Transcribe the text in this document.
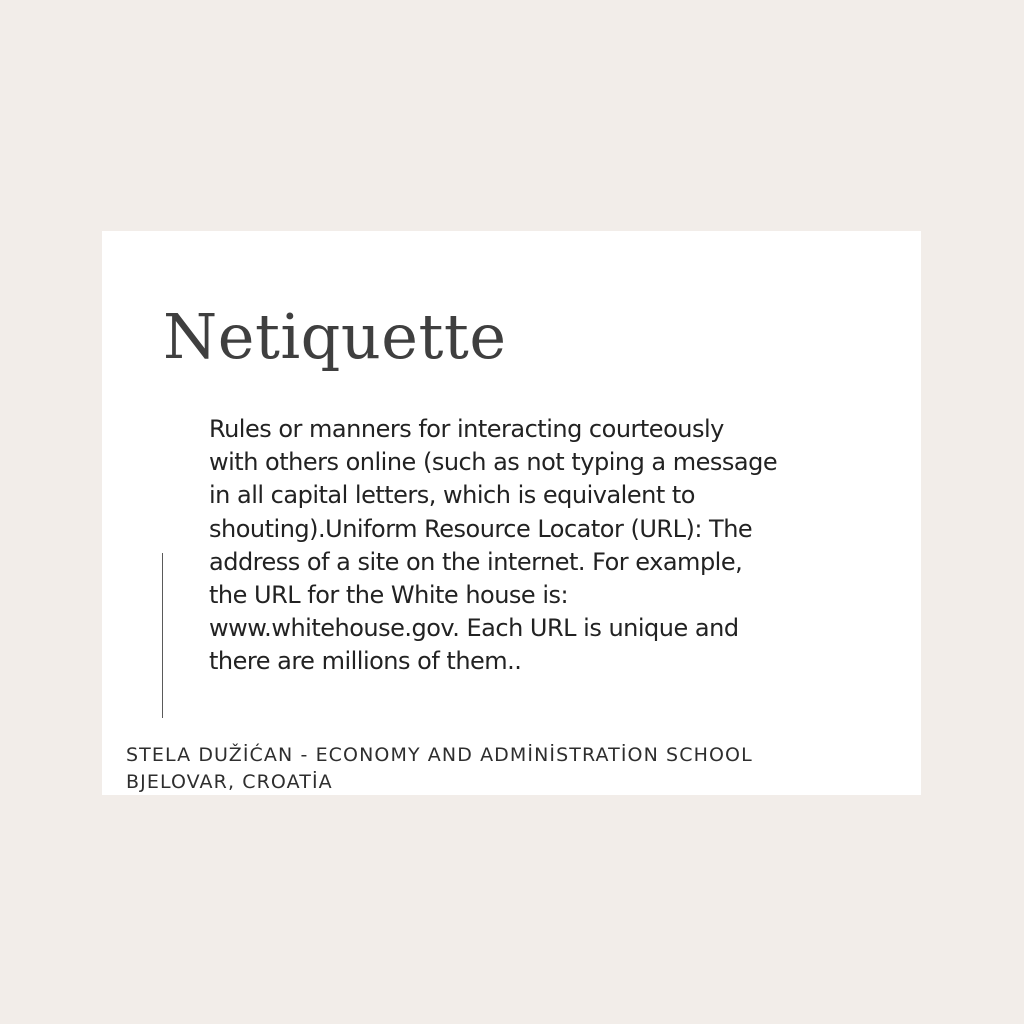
Netiquette

Rules or manners for interacting courteously
with others online (such as not typing a message
in all capital letters, which is equivalent to
shouting).Uniform Resource Locator (URL): The
address of a site on the internet. For example,
the URL for the White house is:
www.whitehouse.gov. Each URL is unique and
there are millions of them..

STELA DUŽİĆAN - ECONOMY AND ADMİNİSTRATİON SCHOOL
BJELOVAR, CROATİA
